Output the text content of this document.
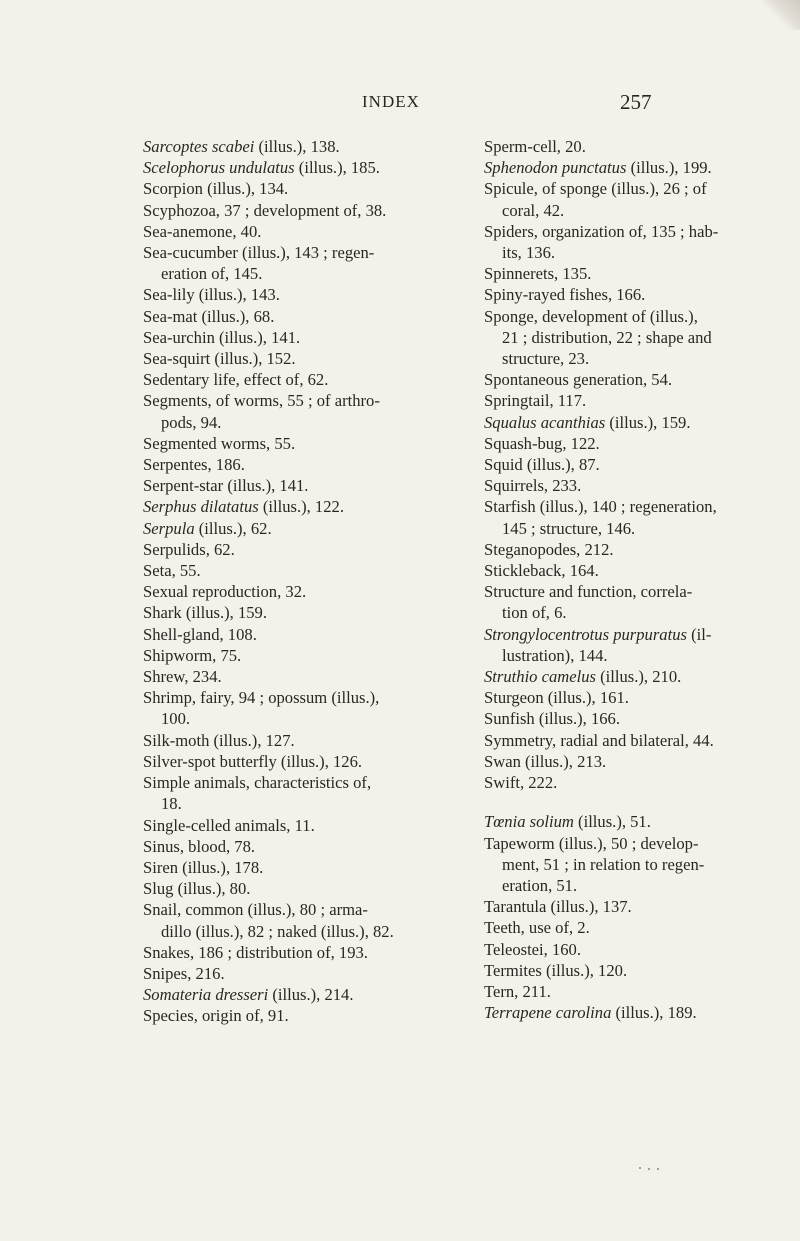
INDEX	257
Sarcoptes scabei (illus.), 138.
Scelophorus undulatus (illus.), 185.
Scorpion (illus.), 134.
Scyphozoa, 37 ; development of, 38.
Sea-anemone, 40.
Sea-cucumber (illus.), 143 ; regen-
eration of, 145.
Sea-lily (illus.), 143.
Sea-mat (illus.), 68.
Sea-urchin (illus.), 141.
Sea-squirt (illus.), 152.
Sedentary life, effect of, 62.
Segments, of worms, 55 ; of arthro-
pods, 94.
Segmented worms, 55.
Serpentes, 186.
Serpent-star (illus.), 141.
Serphus dilatatus (illus.), 122.
Serpula (illus.), 62.
Serpulids, 62.
Seta, 55.
Sexual reproduction, 32.
Shark (illus.), 159.
Shell-gland, 108.
Shipworm, 75.
Shrew, 234.
Shrimp, fairy, 94 ; opossum (illus.),
100.
Silk-moth (illus.), 127.
Silver-spot butterfly (illus.), 126.
Simple animals, characteristics of,
18.
Single-celled animals, 11.
Sinus, blood, 78.
Siren (illus.), 178.
Slug (illus.), 80.
Snail, common (illus.), 80 ; arma-
dillo (illus.), 82 ; naked (illus.), 82.
Snakes, 186 ; distribution of, 193.
Snipes, 216.
Somateria dresseri (illus.), 214.
Species, origin of, 91.
Sperm-cell, 20.
Sphenodon punctatus (illus.), 199.
Spicule, of sponge (illus.), 26 ; of
coral, 42.
Spiders, organization of, 135 ; hab-
its, 136.
Spinnerets, 135.
Spiny-rayed fishes, 166.
Sponge, development of (illus.),
21 ; distribution, 22 ; shape and
structure, 23.
Spontaneous generation, 54.
Springtail, 117.
Squalus acanthias (illus.), 159.
Squash-bug, 122.
Squid (illus.), 87.
Squirrels, 233.
Starfish (illus.), 140 ; regeneration,
145 ; structure, 146.
Steganopodes, 212.
Stickleback, 164.
Structure and function, correla-
tion of, 6.
Strongylocentrotus purpuratus (il-
lustration), 144.
Struthio camelus (illus.), 210.
Sturgeon (illus.), 161.
Sunfish (illus.), 166.
Symmetry, radial and bilateral, 44.
Swan (illus.), 213.
Swift, 222.
Tœnia solium (illus.), 51.
Tapeworm (illus.), 50 ; develop-
ment, 51 ; in relation to regen-
eration, 51.
Tarantula (illus.), 137.
Teeth, use of, 2.
Teleostei, 160.
Termites (illus.), 120.
Tern, 211.
Terrapene carolina (illus.), 189.
